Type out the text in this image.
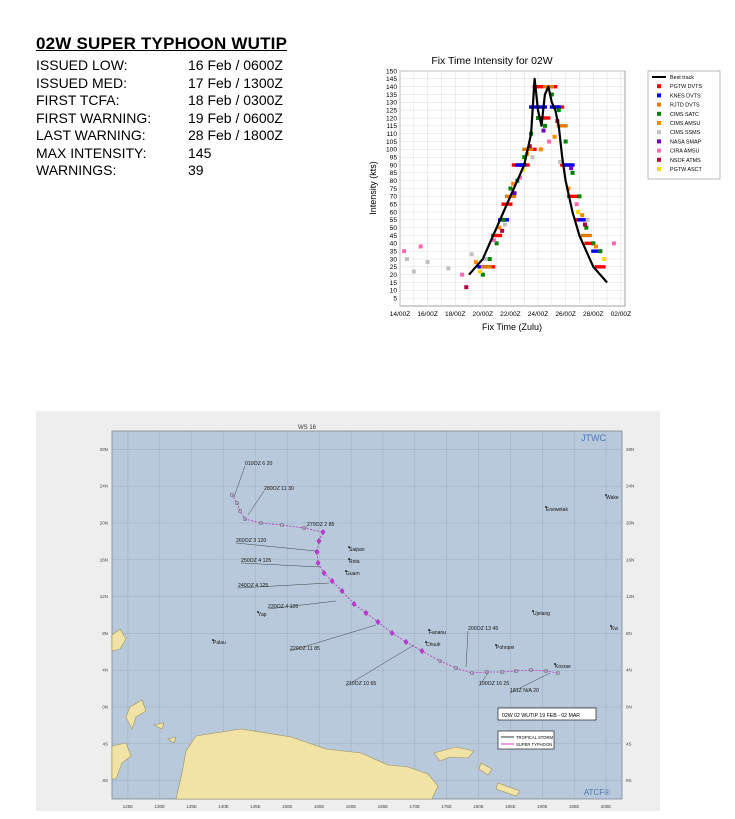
02W SUPER TYPHOON WUTIP
ISSUED LOW:	16 Feb / 0600Z
ISSUED MED:	17 Feb / 1300Z
FIRST TCFA:	18 Feb / 0300Z
FIRST WARNING:	19 Feb / 0600Z
LAST WARNING:	28 Feb / 1800Z
MAX INTENSITY:	145
WARNINGS:	39
Fix Time Intensity for 02W
5
10
15
20
25
30
35
40
45
50
55
60
65
70
75
80
85
90
95
100
105
110
115
120
125
130
135
140
145
150
14/00Z 16/00Z 18/00Z 20/00Z 22/00Z 24/00Z 26/00Z 28/00Z 02/00Z
Intensity (kts)
Fix Time (Zulu)
Best track
PGTW DVTS
KNES DVTS
RJTD DVTS
CIMS SATC
CIMS AMSU
CIMS SSMS
NASA SMAP
CIRA AMSU
NSOF ATMS
PGTW ASCT
125E	130E	135E	140E	145E	150E	155E	160E	165E	170E	175E	180E	185E	190E	195E	200E
28N	28N
24N	24N
20N	20N
16N	16N
12N	12N
8N	8N
4N	4N
0N	0N
4S	4S
8S	8S
Wake
Saipan
Rota
Guam
Yap
Palau
Enewetak
Ujelang
Kw
Fananu
Chuuk	Pohnpei
Kosrae
010OZ 6 20
280OZ 11 30
270OZ 2 85
260OZ 3 120
250OZ 4 125
240OZ 4 125
230OZ 4 105
220OZ 11 85
210OZ 10 65
200OZ 13 45
190OZ 16 25
181Z N/A 20
WS 16
JTWC
ATCF®
02W 02 WUTIP 19 FEB - 02 MAR
TROPICAL STORM
SUPER TYPHOON
